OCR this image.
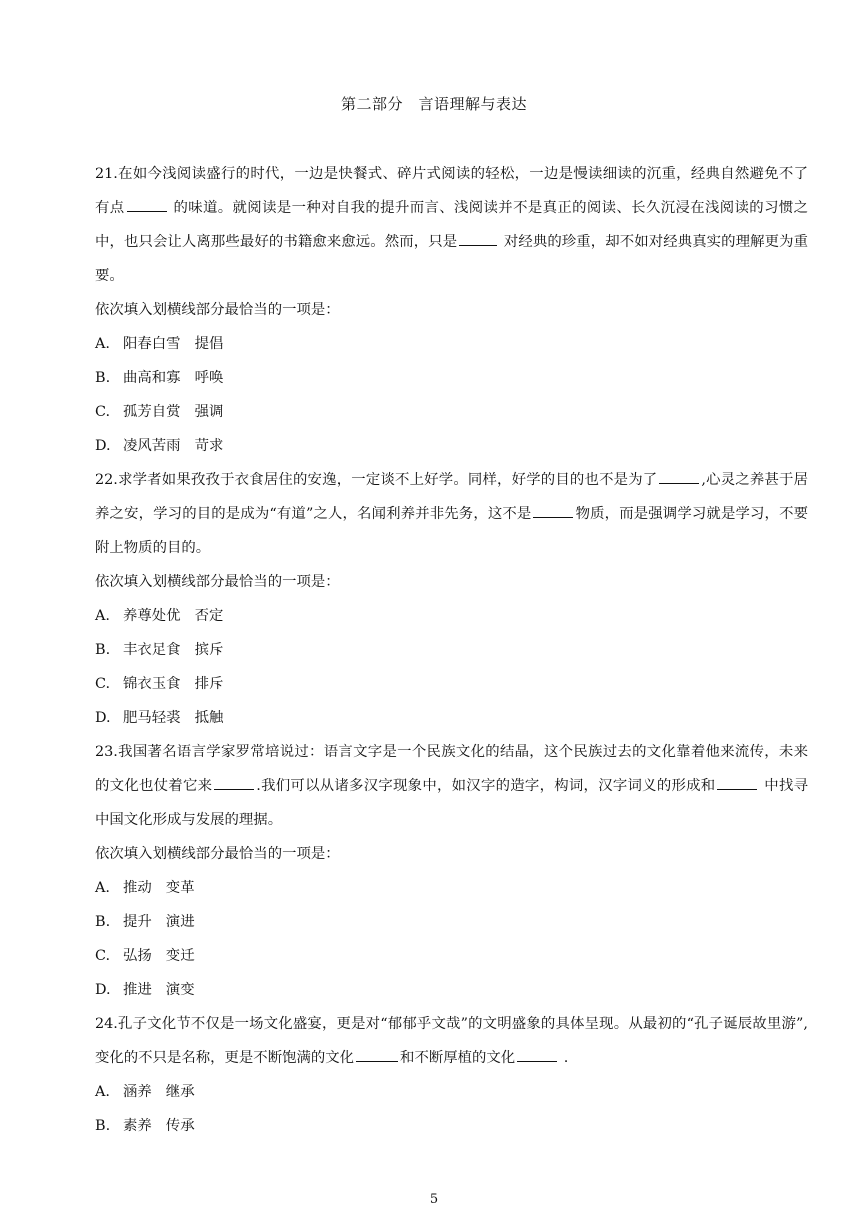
第二部分　言语理解与表达

21.在如今浅阅读盛行的时代，一边是快餐式、碎片式阅读的轻松，一边是慢读细读的沉重，经典自然避免不了有点	的味道。就阅读是一种对自我的提升而言、浅阅读并不是真正的阅读、长久沉浸在浅阅读的习惯之中，也只会让人离那些最好的书籍愈来愈远。然而，只是	对经典的珍重，却不如对经典真实的理解更为重要。

依次填入划横线部分最恰当的一项是：

A. 阳春白雪 提倡

B. 曲高和寡 呼唤

C. 孤芳自赏 强调

D. 凌风苦雨 苛求

22.求学者如果孜孜于衣食居住的安逸，一定谈不上好学。同样，好学的目的也不是为了	,心灵之养甚于居养之安，学习的目的是成为“有道”之人，名闻利养并非先务，这不是	物质，而是强调学习就是学习，不要附上物质的目的。

依次填入划横线部分最恰当的一项是：

A. 养尊处优 否定

B. 丰衣足食 摈斥

C. 锦衣玉食 排斥

D. 肥马轻裘 抵触

23.我国著名语言学家罗常培说过：语言文字是一个民族文化的结晶，这个民族过去的文化靠着他来流传，未来的文化也仗着它来	.我们可以从诸多汉字现象中，如汉字的造字，构词，汉字词义的形成和	中找寻中国文化形成与发展的理据。

依次填入划横线部分最恰当的一项是：

A. 推动 变革

B. 提升 演进

C. 弘扬 变迁

D. 推进 演变

24.孔子文化节不仅是一场文化盛宴，更是对“郁郁乎文哉”的文明盛象的具体呈现。从最初的“孔子诞辰故里游”,变化的不只是名称，更是不断饱满的文化	和不断厚植的文化	.

A. 涵养 继承

B. 素养 传承

5
